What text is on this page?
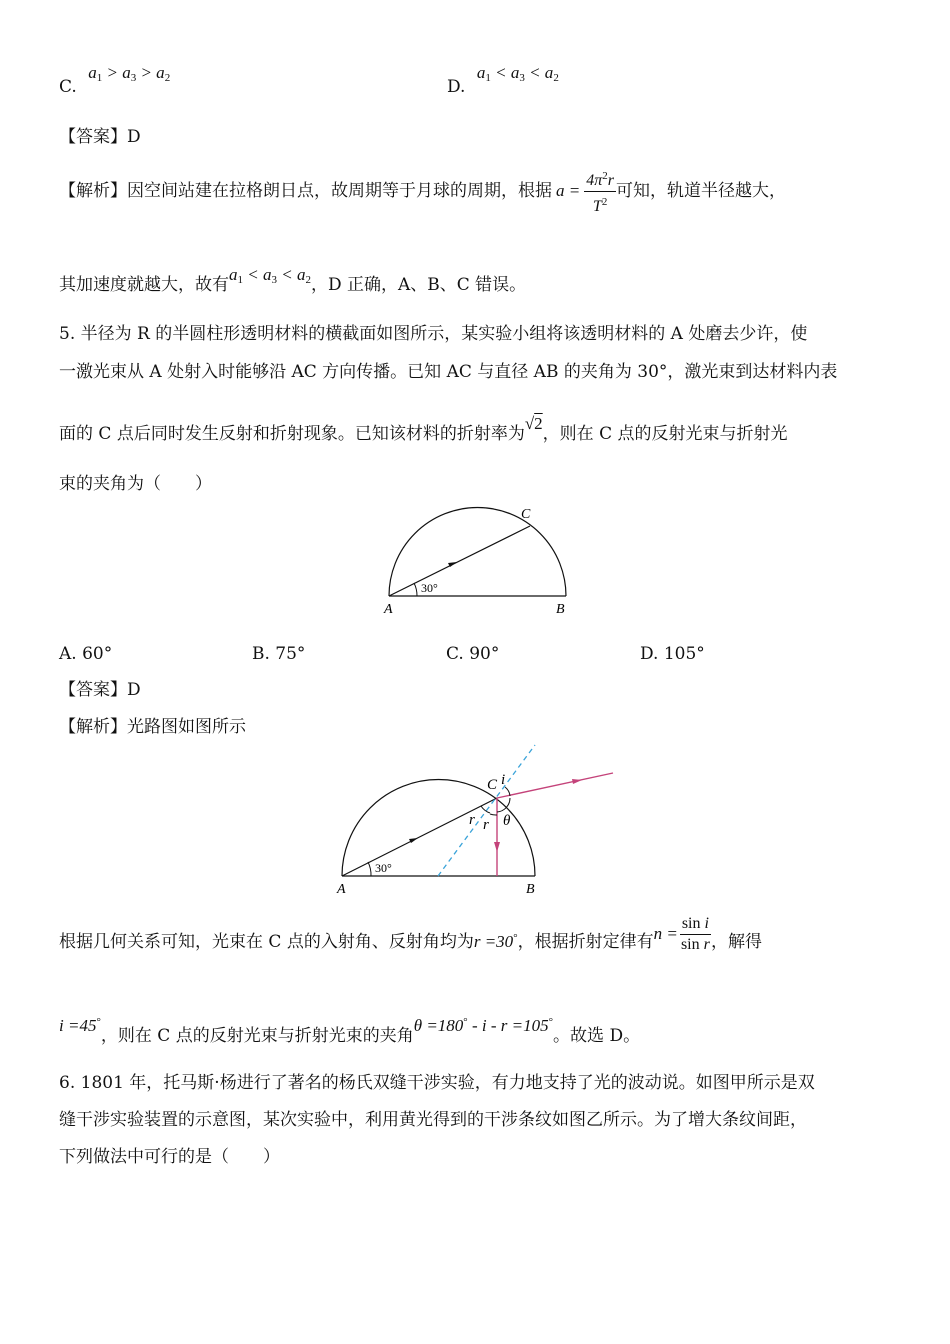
C. $a_1 > a_3 > a_2$	D. $a_1 < a_3 < a_2$
【答案】D
【解析】因空间站建在拉格朗日点，故周期等于月球的周期，根据 $a = \frac{4\pi^2r}{T^2}$ 可知，轨道半径越大，
其加速度就越大，故有$a_1 < a_3 < a_2$，D 正确，A、B、C 错误。
5. 半径为 R 的半圆柱形透明材料的横截面如图所示，某实验小组将该透明材料的 A 处磨去少许，使
一激光束从 A 处射入时能够沿 AC 方向传播。已知 AC 与直径 AB 的夹角为 30°，激光束到达材料内表
面的 C 点后同时发生反射和折射现象。已知该材料的折射率为√2，则在 C 点的反射光束与折射光
束的夹角为（　　）
30°
A	B
C
A. 60°	B. 75°	C. 90°	D. 105°
【答案】D
【解析】光路图如图所示
30°
A	B
C i
r r θ
根据几何关系可知，光束在 C 点的入射角、反射角均为r =30°，根据折射定律有$n = \frac{\text{sin i}}{\text{sin r}}$ ，解得
i =45°，则在 C 点的反射光束与折射光束的夹角θ =180° - i - r =105°。故选 D。
6. 1801 年，托马斯·杨进行了著名的杨氏双缝干涉实验，有力地支持了光的波动说。如图甲所示是双
缝干涉实验装置的示意图，某次实验中，利用黄光得到的干涉条纹如图乙所示。为了增大条纹间距，
下列做法中可行的是（　　）
